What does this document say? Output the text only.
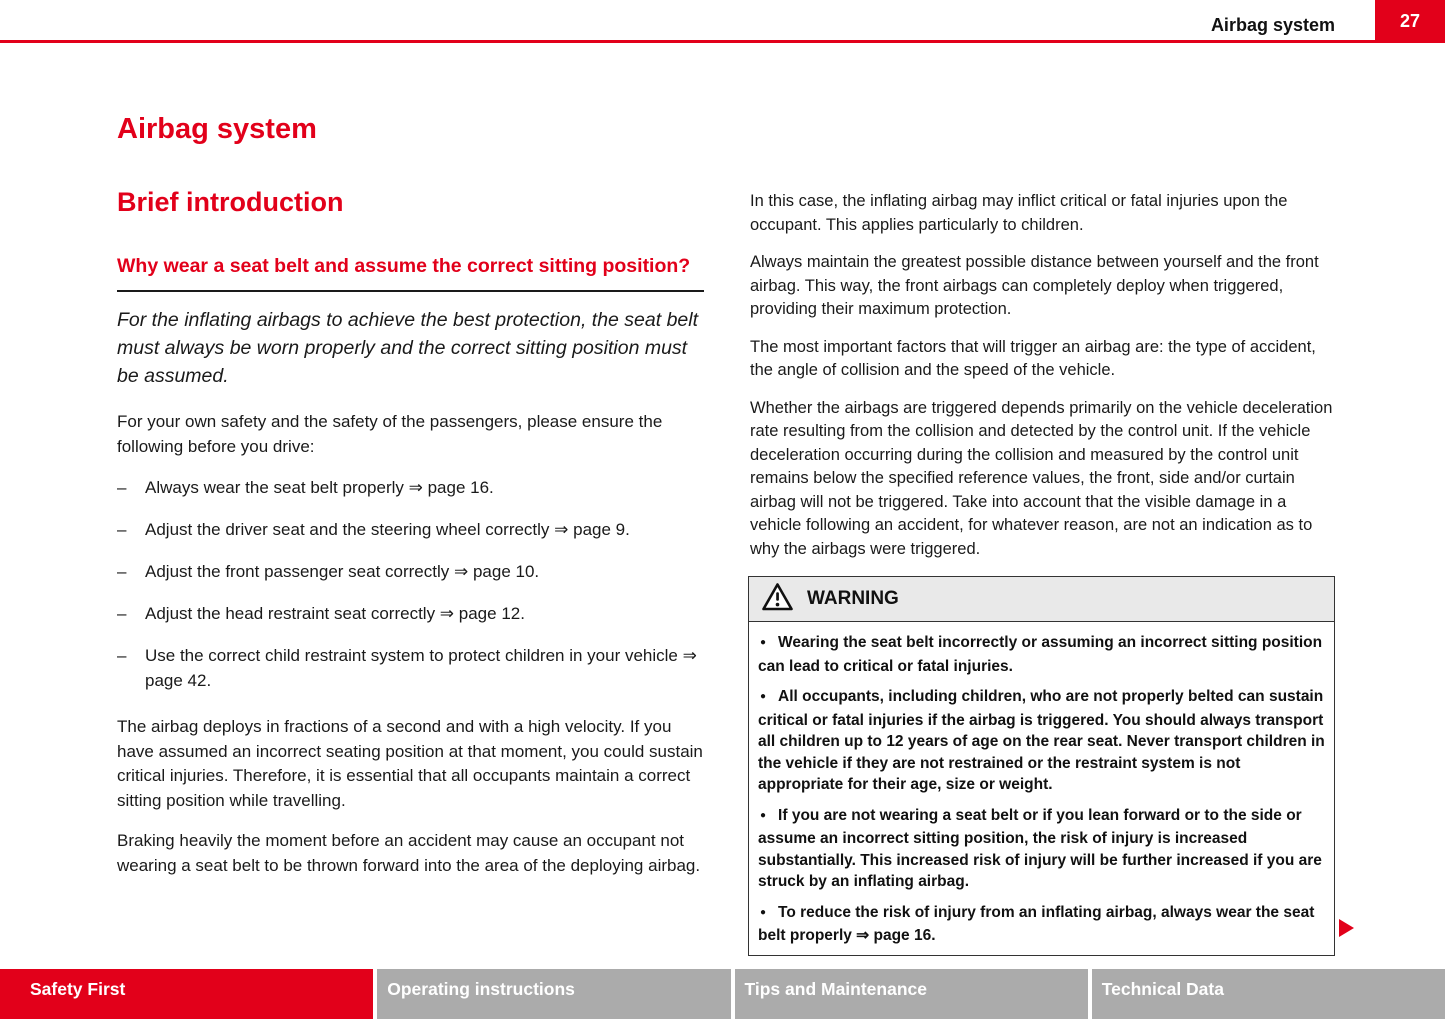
Airbag system	27
Airbag system
Brief introduction
Why wear a seat belt and assume the correct sitting position?

For the inflating airbags to achieve the best protection, the seat belt must always be worn properly and the correct sitting position must be assumed.

For your own safety and the safety of the passengers, please ensure the following before you drive:

–	Always wear the seat belt properly ⇒ page 16.
–	Adjust the driver seat and the steering wheel correctly ⇒ page 9.
–	Adjust the front passenger seat correctly ⇒ page 10.
–	Adjust the head restraint seat correctly ⇒ page 12.
–	Use the correct child restraint system to protect children in your vehicle ⇒ page 42.

The airbag deploys in fractions of a second and with a high velocity. If you have assumed an incorrect seating position at that moment, you could sustain critical injuries. Therefore, it is essential that all occupants maintain a correct sitting position while travelling.

Braking heavily the moment before an accident may cause an occupant not wearing a seat belt to be thrown forward into the area of the deploying airbag.

In this case, the inflating airbag may inflict critical or fatal injuries upon the occupant. This applies particularly to children.

Always maintain the greatest possible distance between yourself and the front airbag. This way, the front airbags can completely deploy when triggered, providing their maximum protection.

The most important factors that will trigger an airbag are: the type of accident, the angle of collision and the speed of the vehicle.

Whether the airbags are triggered depends primarily on the vehicle deceleration rate resulting from the collision and detected by the control unit. If the vehicle deceleration occurring during the collision and measured by the control unit remains below the specified reference values, the front, side and/or curtain airbag will not be triggered. Take into account that the visible damage in a vehicle following an accident, for whatever reason, are not an indication as to why the airbags were triggered.

WARNING
● Wearing the seat belt incorrectly or assuming an incorrect sitting position can lead to critical or fatal injuries.
● All occupants, including children, who are not properly belted can sustain critical or fatal injuries if the airbag is triggered. You should always transport all children up to 12 years of age on the rear seat. Never transport children in the vehicle if they are not restrained or the restraint system is not appropriate for their age, size or weight.
● If you are not wearing a seat belt or if you lean forward or to the side or assume an incorrect sitting position, the risk of injury is increased substantially. This increased risk of injury will be further increased if you are struck by an inflating airbag.
● To reduce the risk of injury from an inflating airbag, always wear the seat belt properly ⇒ page 16.
Safety First	Operating instructions	Tips and Maintenance	Technical Data
